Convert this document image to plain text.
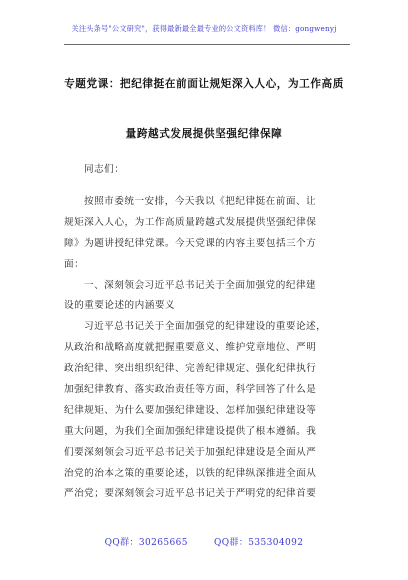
关注头条号"公文研究"，获得最新最全最专业的公文资料库！ 微信：gongwenyj
专题党课：把纪律挺在前面让规矩深入人心，为工作高质
量跨越式发展提供坚强纪律保障
同志们：
按照市委统一安排，今天我以《把纪律挺在前面、让
规矩深入人心，为工作高质量跨越式发展提供坚强纪律保
障》为题讲授纪律党课。今天党课的内容主要包括三个方
面：
一、深刻领会习近平总书记关于全面加强党的纪律建
设的重要论述的内涵要义
习近平总书记关于全面加强党的纪律建设的重要论述，
从政治和战略高度就把握重要意义、维护党章地位、严明
政治纪律、突出组织纪律、完善纪律规定、强化纪律执行
加强纪律教育、落实政治责任等方面，科学回答了什么是
纪律规矩、为什么要加强纪律建设、怎样加强纪律建设等
重大问题，为我们全面加强纪律建设提供了根本遵循。我
们要深刻领会习近平总书记关于加强纪律建设是全面从严
治党的治本之策的重要论述，以铁的纪律纵深推进全面从
严治党；要深刻领会习近平总书记关于严明党的纪律首要
QQ群：30265665	QQ群：535304092
